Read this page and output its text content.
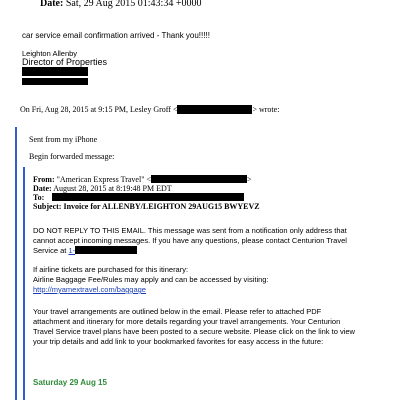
Date: Sat, 29 Aug 2015 01:43:34 +0000
car service email confirmation arrived - Thank you!!!!!
Leighton Allenby
Director of Properties
On Fri, Aug 28, 2015 at 9:15 PM, Lesley Groff <	> wrote:
Sent from my iPhone
Begin forwarded message:
From: "American Express Travel" <	>
Date: August 28, 2015 at 8:19:48 PM EDT
To:
Subject: Invoice for ALLENBY/LEIGHTON 29AUG15 BWYEVZ
DO NOT REPLY TO THIS EMAIL. This message was sent from a notification only address that
cannot accept incoming messages. If you have any questions, please contact Centurion Travel
Service at 1-
If airline tickets are purchased for this itinerary:
Airline Baggage Fee/Rules may apply and can be accessed by visiting:
http://myamextravel.com/baggage
Your travel arrangements are outlined below in the email. Please refer to attached PDF
attachment and itinerary for more details regarding your travel arrangements. Your Centurion
Travel Service travel plans have been posted to a secure website. Please click on the link to view
your trip details and add link to your bookmarked favorites for easy access in the future:
Saturday 29 Aug 15
